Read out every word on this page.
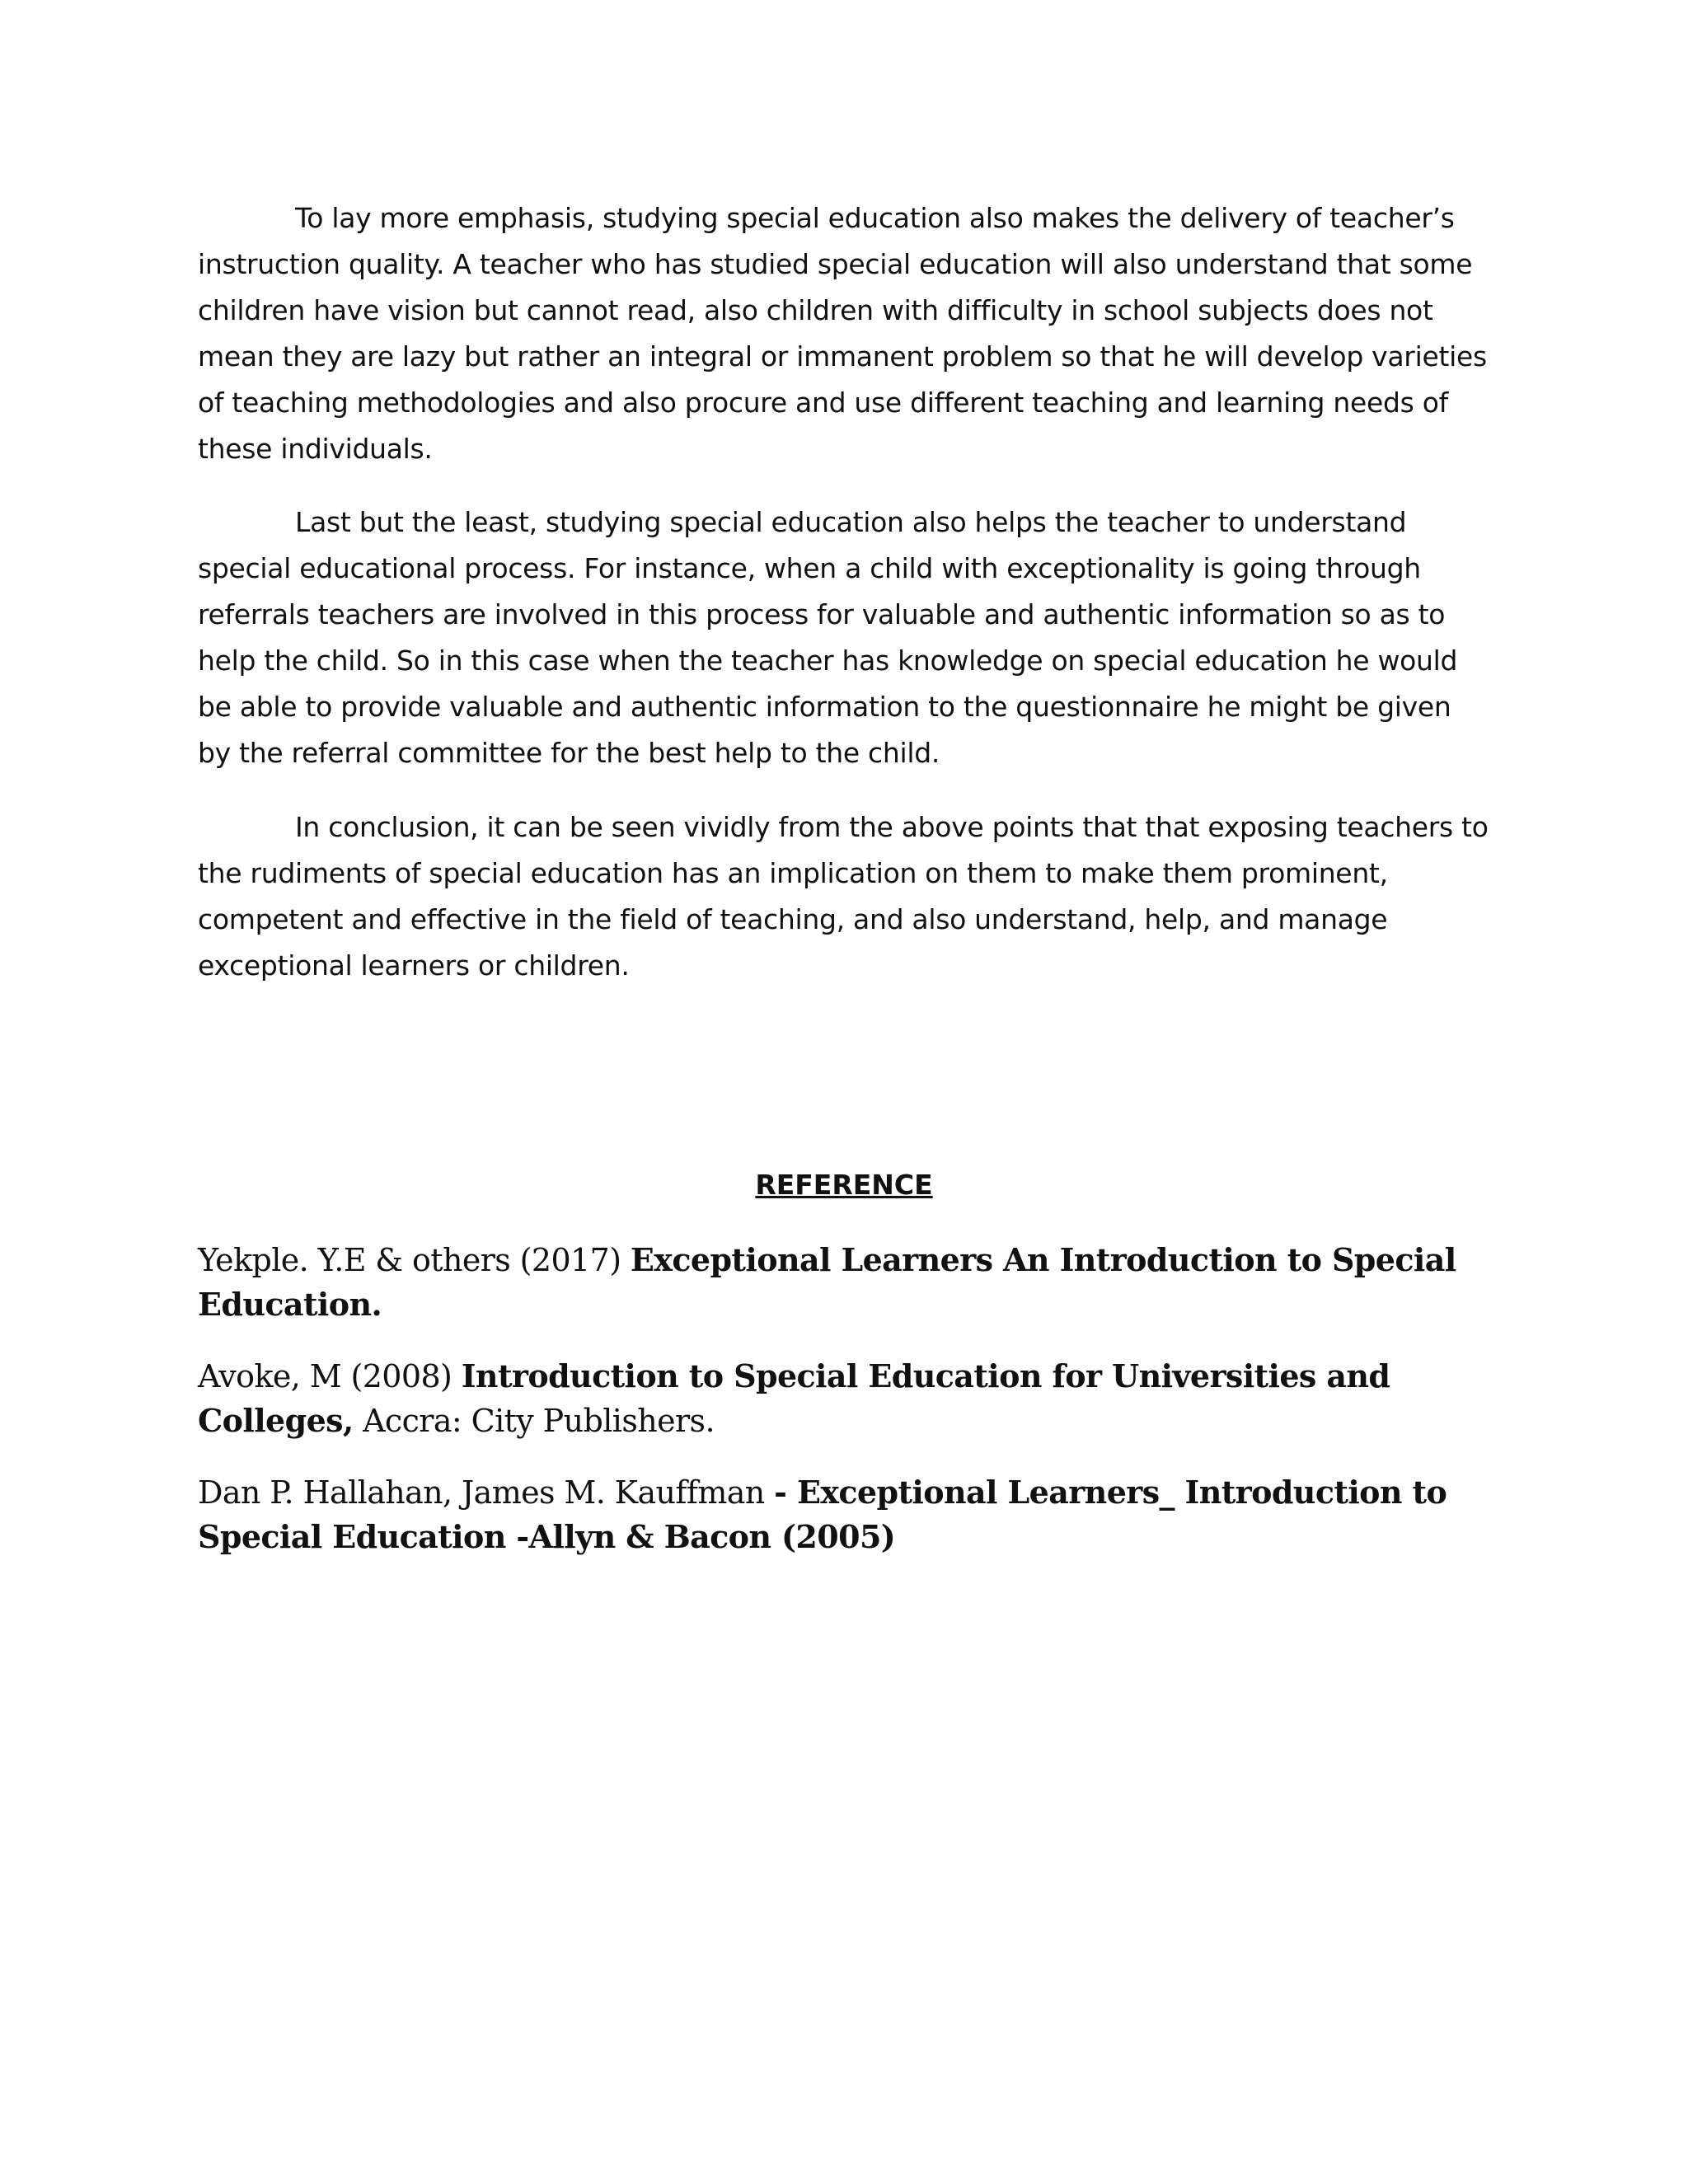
To lay more emphasis, studying special education also makes the delivery of teacher’s instruction quality. A teacher who has studied special education will also understand that some children have vision but cannot read, also children with difficulty in school subjects does not mean they are lazy but rather an integral or immanent problem so that he will develop varieties of teaching methodologies and also procure and use different teaching and learning needs of these individuals.

Last but the least, studying special education also helps the teacher to understand special educational process. For instance, when a child with exceptionality is going through referrals teachers are involved in this process for valuable and authentic information so as to help the child. So in this case when the teacher has knowledge on special education he would be able to provide valuable and authentic information to the questionnaire he might be given by the referral committee for the best help to the child.

In conclusion, it can be seen vividly from the above points that that exposing teachers to the rudiments of special education has an implication on them to make them prominent, competent and effective in the field of teaching, and also understand, help, and manage exceptional learners or children.

REFERENCE
Yekple. Y.E & others (2017) Exceptional Learners An Introduction to Special Education.
Avoke, M (2008) Introduction to Special Education for Universities and Colleges, Accra: City Publishers.
Dan P. Hallahan, James M. Kauffman - Exceptional Learners_ Introduction to Special Education -Allyn & Bacon (2005)
